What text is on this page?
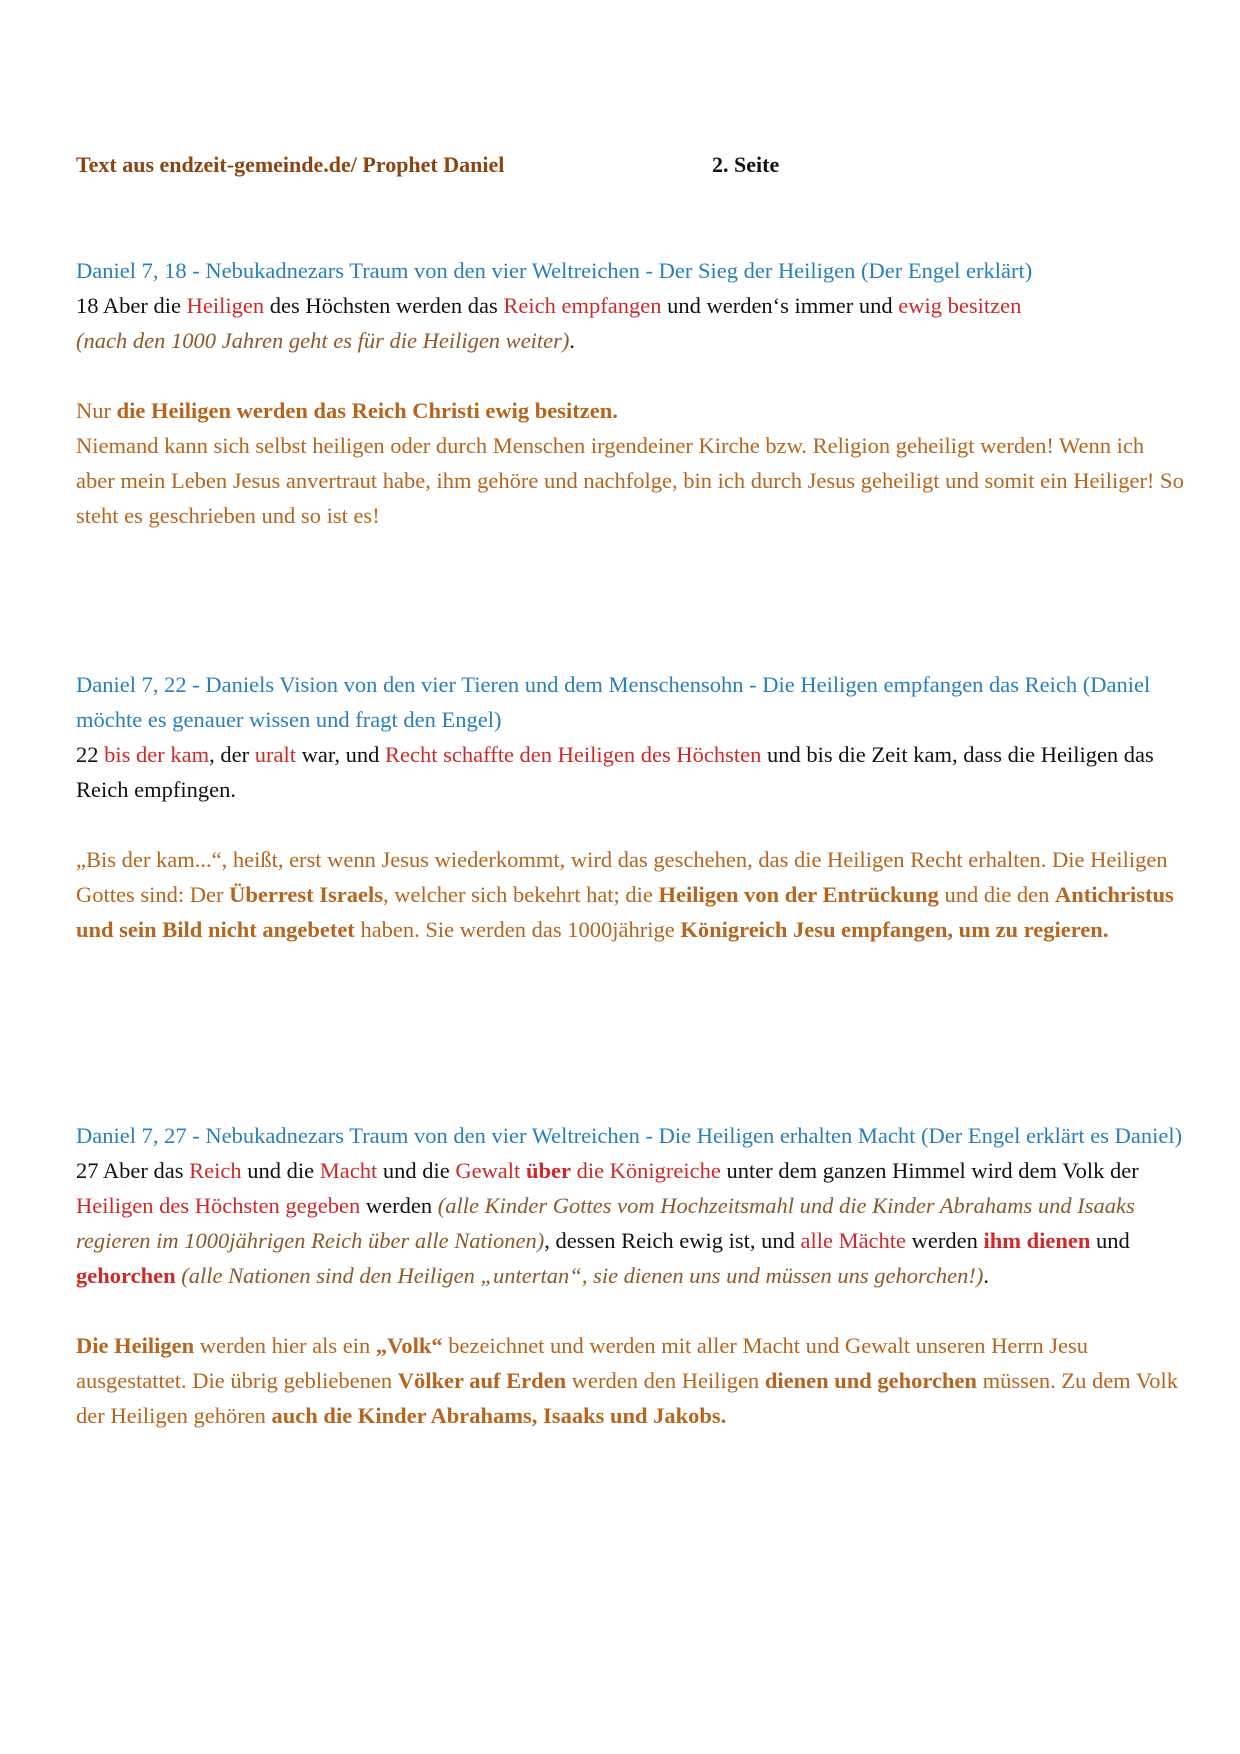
Text aus endzeit-gemeinde.de/ Prophet Daniel	2. Seite

Daniel 7, 18 - Nebukadnezars Traum von den vier Weltreichen - Der Sieg der Heiligen (Der Engel erklärt)

18 Aber die Heiligen des Höchsten werden das Reich empfangen und werden‘s immer und ewig besitzen
(nach den 1000 Jahren geht es für die Heiligen weiter).

Nur die Heiligen werden das Reich Christi ewig besitzen.

Niemand kann sich selbst heiligen oder durch Menschen irgendeiner Kirche bzw. Religion geheiligt werden! Wenn ich aber mein Leben Jesus anvertraut habe, ihm gehöre und nachfolge, bin ich durch Jesus geheiligt und somit ein Heiliger! So steht es geschrieben und so ist es!

Daniel 7, 22 - Daniels Vision von den vier Tieren und dem Menschensohn - Die Heiligen empfangen das Reich (Daniel möchte es genauer wissen und fragt den Engel)

22 bis der kam, der uralt war, und Recht schaffte den Heiligen des Höchsten und bis die Zeit kam, dass die Heiligen das Reich empfingen.

„Bis der kam...“, heißt, erst wenn Jesus wiederkommt, wird das geschehen, das die Heiligen Recht erhalten. Die Heiligen Gottes sind: Der Überrest Israels, welcher sich bekehrt hat; die Heiligen von der Entrückung und die den Antichristus und sein Bild nicht angebetet haben. Sie werden das 1000jährige Königreich Jesu empfangen, um zu regieren.

Daniel 7, 27 - Nebukadnezars Traum von den vier Weltreichen - Die Heiligen erhalten Macht (Der Engel erklärt es Daniel)

27 Aber das Reich und die Macht und die Gewalt über die Königreiche unter dem ganzen Himmel wird dem Volk der Heiligen des Höchsten gegeben werden (alle Kinder Gottes vom Hochzeitsmahl und die Kinder Abrahams und Isaaks regieren im 1000jährigen Reich über alle Nationen), dessen Reich ewig ist, und alle Mächte werden ihm dienen und gehorchen (alle Nationen sind den Heiligen „untertan“, sie dienen uns und müssen uns gehorchen!).

Die Heiligen werden hier als ein „Volk“ bezeichnet und werden mit aller Macht und Gewalt unseren Herrn Jesu ausgestattet. Die übrig gebliebenen Völker auf Erden werden den Heiligen dienen und gehorchen müssen. Zu dem Volk der Heiligen gehören auch die Kinder Abrahams, Isaaks und Jakobs.
